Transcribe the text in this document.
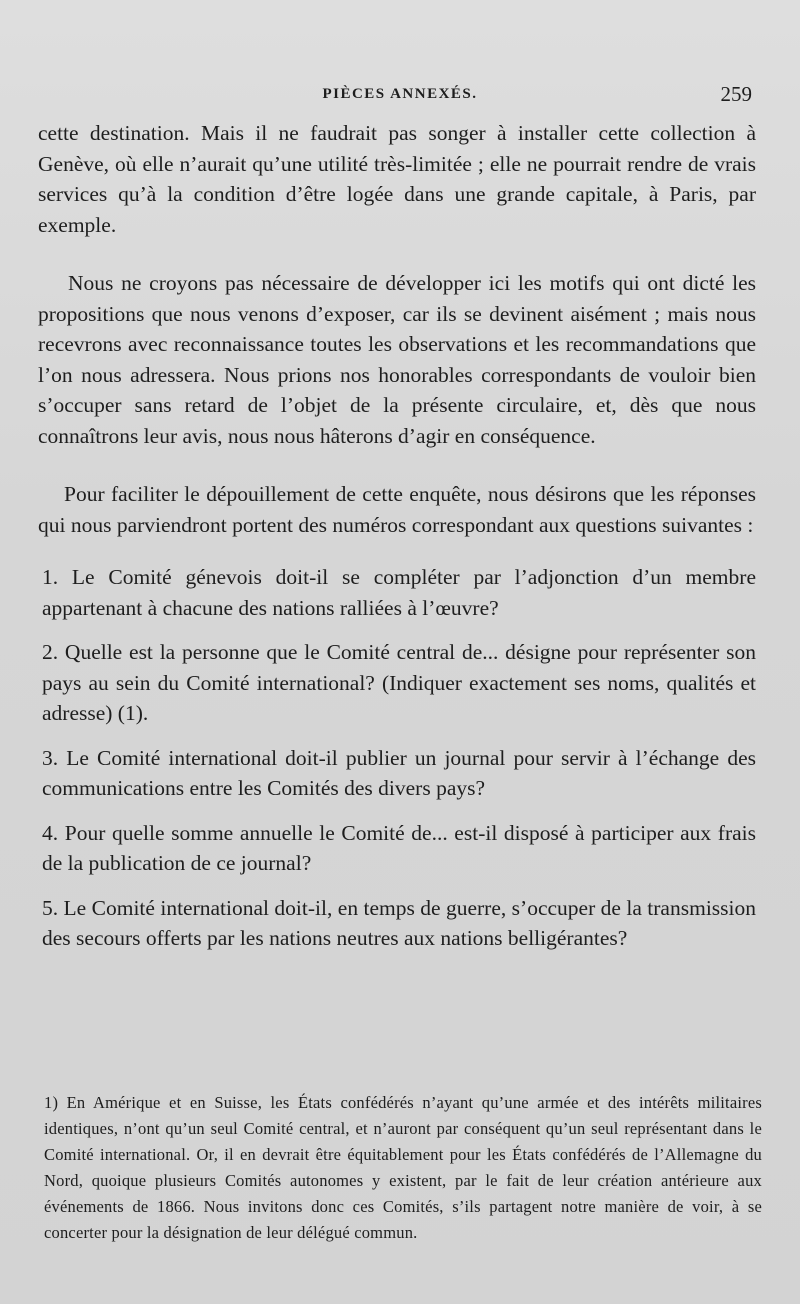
PIÈCES ANNEXÉS.	259

cette destination. Mais il ne faudrait pas songer à installer cette collection à Genève, où elle n’aurait qu’une utilité très-limitée ; elle ne pourrait rendre de vrais services qu’à la condition d’être logée dans une grande capitale, à Paris, par exemple.

Nous ne croyons pas nécessaire de développer ici les motifs qui ont dicté les propositions que nous venons d’exposer, car ils se devinent aisément ; mais nous recevrons avec reconnaissance toutes les observations et les recommandations que l’on nous adressera. Nous prions nos honorables correspondants de vouloir bien s’occuper sans retard de l’objet de la présente circulaire, et, dès que nous connaîtrons leur avis, nous nous hâterons d’agir en conséquence.

Pour faciliter le dépouillement de cette enquête, nous désirons que les réponses qui nous parviendront portent des numéros correspondant aux questions suivantes :

1. Le Comité génevois doit-il se compléter par l’adjonction d’un membre appartenant à chacune des nations ralliées à l’œuvre?

2. Quelle est la personne que le Comité central de... désigne pour représenter son pays au sein du Comité international? (Indiquer exactement ses noms, qualités et adresse) (1).

3. Le Comité international doit-il publier un journal pour servir à l’échange des communications entre les Comités des divers pays?

4. Pour quelle somme annuelle le Comité de... est-il disposé à participer aux frais de la publication de ce journal?

5. Le Comité international doit-il, en temps de guerre, s’occuper de la transmission des secours offerts par les nations neutres aux nations belligérantes?

1) En Amérique et en Suisse, les États confédérés n’ayant qu’une armée et des intérêts militaires identiques, n’ont qu’un seul Comité central, et n’auront par conséquent qu’un seul représentant dans le Comité international. Or, il en devrait être équitablement pour les États confédérés de l’Allemagne du Nord, quoique plusieurs Comités autonomes y existent, par le fait de leur création antérieure aux événements de 1866. Nous invitons donc ces Comités, s’ils partagent notre manière de voir, à se concerter pour la désignation de leur délégué commun.
